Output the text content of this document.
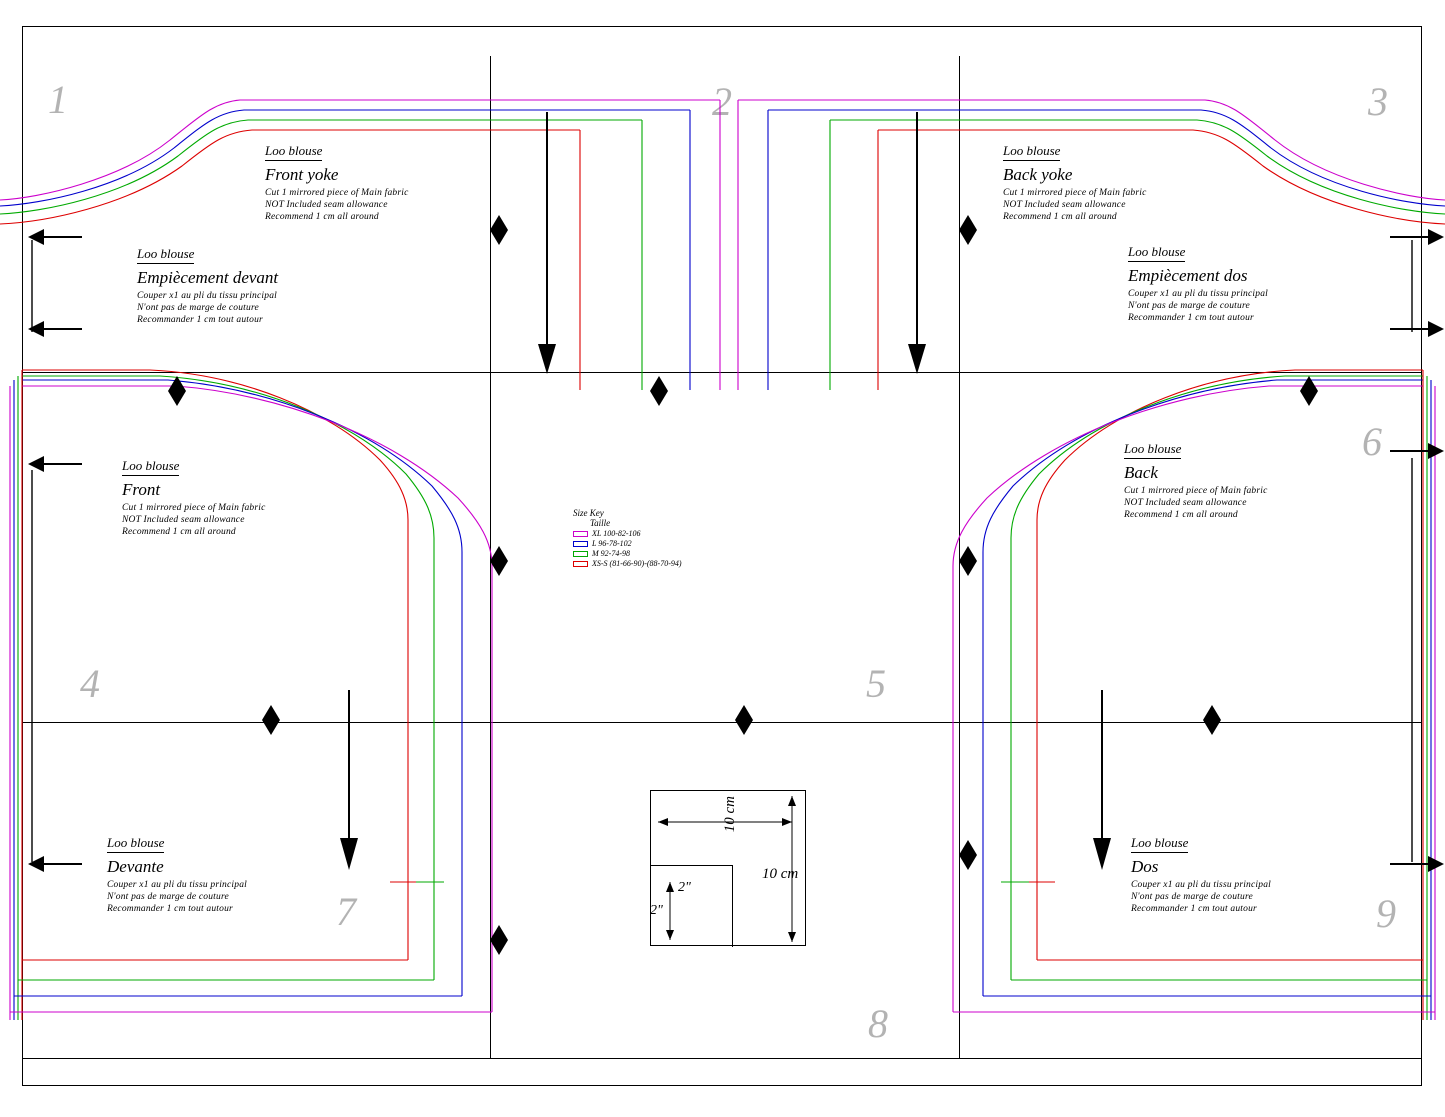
1	2	3
4	5
6
7
8
9
Loo blouse
Front yoke
Cut 1 mirrored piece of Main fabric
NOT Included seam allowance
Recommend 1 cm all around
Loo blouse
Empiècement devant
Couper x1 au pli du tissu principal
N'ont pas de marge de couture
Recommander 1 cm tout autour
Loo blouse
Back yoke
Cut 1 mirrored piece of Main fabric
NOT Included seam allowance
Recommend 1 cm all around
Loo blouse
Empiècement dos
Couper x1 au pli du tissu principal
N'ont pas de marge de couture
Recommander 1 cm tout autour
Loo blouse
Front
Cut 1 mirrored piece of Main fabric
NOT Included seam allowance
Recommend 1 cm all around
Loo blouse
Devante
Couper x1 au pli du tissu principal
N'ont pas de marge de couture
Recommander 1 cm tout autour
Loo blouse
Back
Cut 1 mirrored piece of Main fabric
NOT Included seam allowance
Recommend 1 cm all around
Loo blouse
Dos
Couper x1 au pli du tissu principal
N'ont pas de marge de couture
Recommander 1 cm tout autour
Size Key
Taille
XL 100-82-106
L 96-78-102
M 92-74-98
XS-S (81-66-90)-(88-70-94)
10 cm
10 cm
2"
2"
